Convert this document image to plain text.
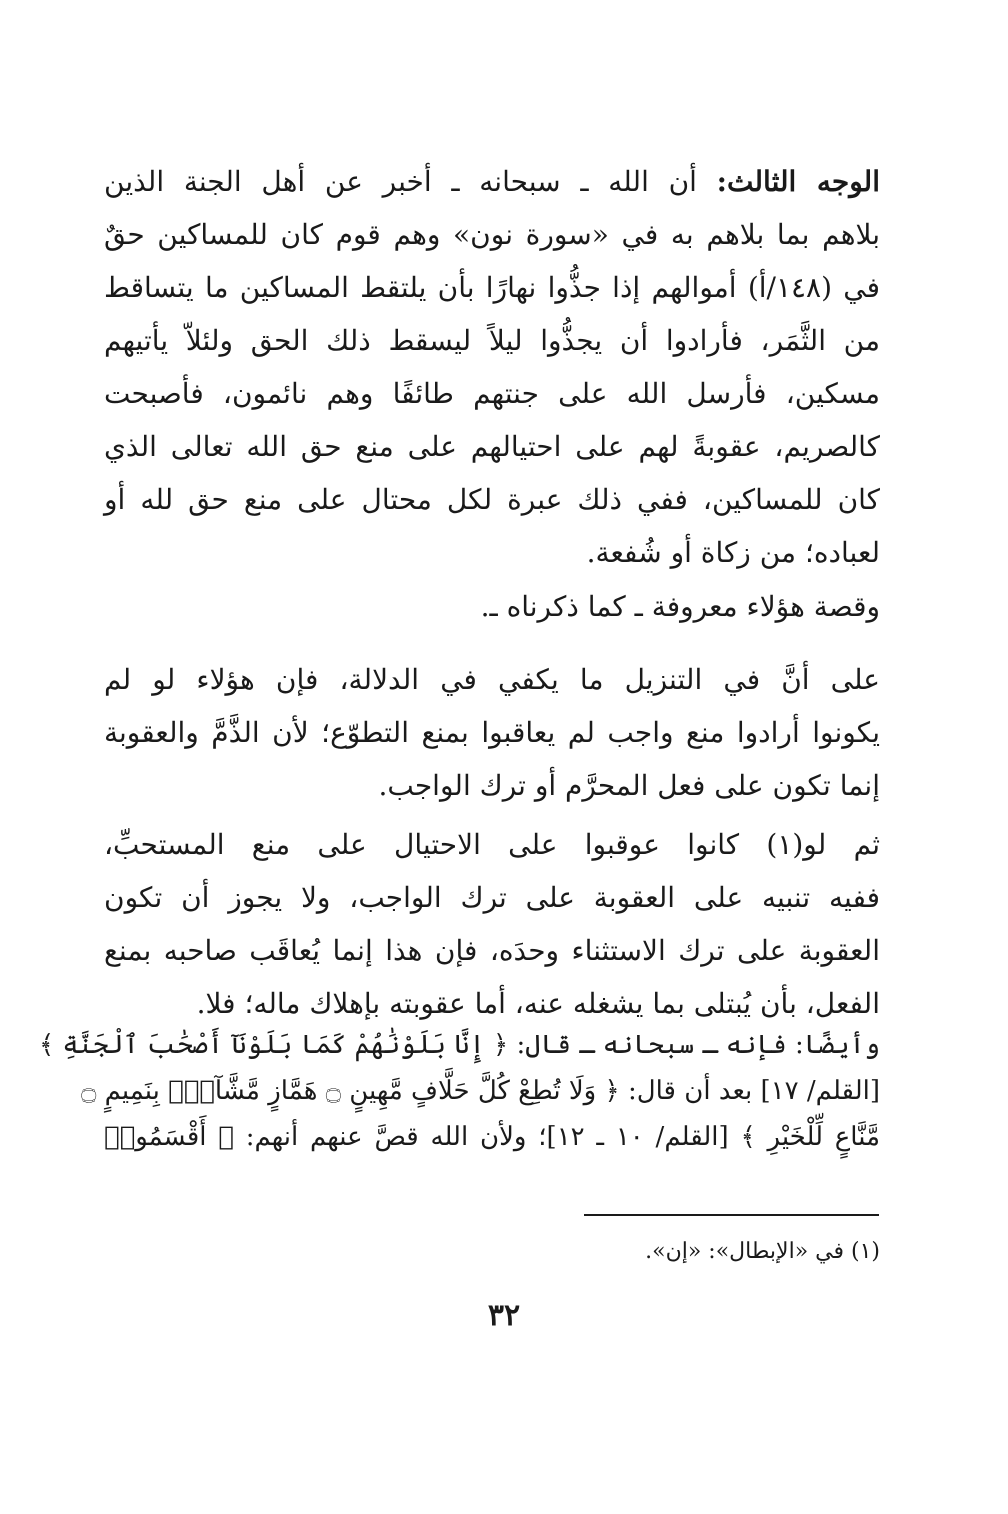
الوجه الثالث: أن الله ـ سبحانه ـ أخبر عن أهل الجنة الذين
بلاهم بما بلاهم به في «سورة نون» وهم قوم كان للمساكين حقٌ
في (١٤٨/أ) أموالهم إذا جذُّوا نهارًا بأن يلتقط المساكين ما يتساقط
من الثَّمَر، فأرادوا أن يجذُّوا ليلاً ليسقط ذلك الحق ولئلاّ يأتيهم
مسكين، فأرسل الله على جنتهم طائفًا وهم نائمون، فأصبحت
كالصريم، عقوبةً لهم على احتيالهم على منع حق الله تعالى الذي
كان للمساكين، ففي ذلك عبرة لكل محتال على منع حق لله أو
لعباده؛ من زكاة أو شُفعة.
وقصة هؤلاء معروفة ـ كما ذكرناه ـ.
على أنَّ في التنزيل ما يكفي في الدلالة، فإن هؤلاء لو لم
يكونوا أرادوا منع واجب لم يعاقبوا بمنع التطوّع؛ لأن الذَّمَّ والعقوبة
إنما تكون على فعل المحرَّم أو ترك الواجب.
ثم لو(١) كانوا عوقبوا على الاحتيال على منع المستحبِّ،
ففيه تنبيه على العقوبة على ترك الواجب، ولا يجوز أن تكون
العقوبة على ترك الاستثناء وحدَه، فإن هذا إنما يُعاقَب صاحبه بمنع
الفعل، بأن يُبتلى بما يشغله عنه، أما عقوبته بإهلاك ماله؛ فلا.
وأيضًا: فإنه ـ سبحانه ـ قال: ﴿ إِنَّا بَلَوْنَٰهُمْ كَمَا بَلَوْنَآ أَصْحَٰبَ ٱلْجَنَّةِ ﴾
[القلم/ ١٧] بعد أن قال: ﴿ وَلَا تُطِعْ كُلَّ حَلَّافٍ مَّهِينٍ ۝ هَمَّازٍ مَّشَّآءٍۭ بِنَمِيمٍ ۝
مَّنَّاعٍ لِّلْخَيْرِ ﴾ [القلم/ ١٠ ـ ١٢]؛ ولأن الله قصَّ عنهم أنهم: ﴿ أَقْسَمُوا۟
(١) في «الإبطال»: «إن».
٣٢
